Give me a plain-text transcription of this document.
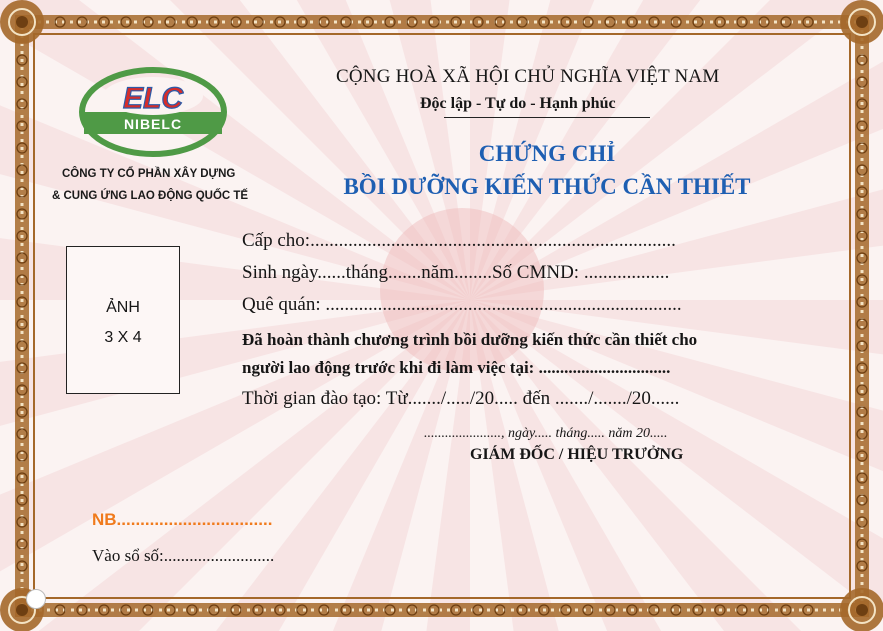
ELC
NIBELC
CÔNG TY CỔ PHẦN XÂY DỰNG
& CUNG ỨNG LAO ĐỘNG QUỐC TẾ
CỘNG HOÀ XÃ HỘI CHỦ NGHĨA VIỆT NAM
Độc lập - Tự do - Hạnh phúc
CHỨNG CHỈ
BỒI DƯỠNG KIẾN THỨC CẦN THIẾT
ẢNH
3 X 4
Cấp cho:.............................................................................
Sinh ngày......tháng.......năm........Số CMND: ..................
Quê quán: ...........................................................................
Đã hoàn thành chương trình bồi dưỡng kiến thức cần thiết cho
người lao động trước khi đi làm việc tại: ...............................
Thời gian đào tạo: Từ......./...../20..... đến ......./......./20......
......................, ngày..... tháng..... năm 20.....
GIÁM ĐỐC / HIỆU TRƯỞNG
NB.................................
Vào sổ số:..........................
